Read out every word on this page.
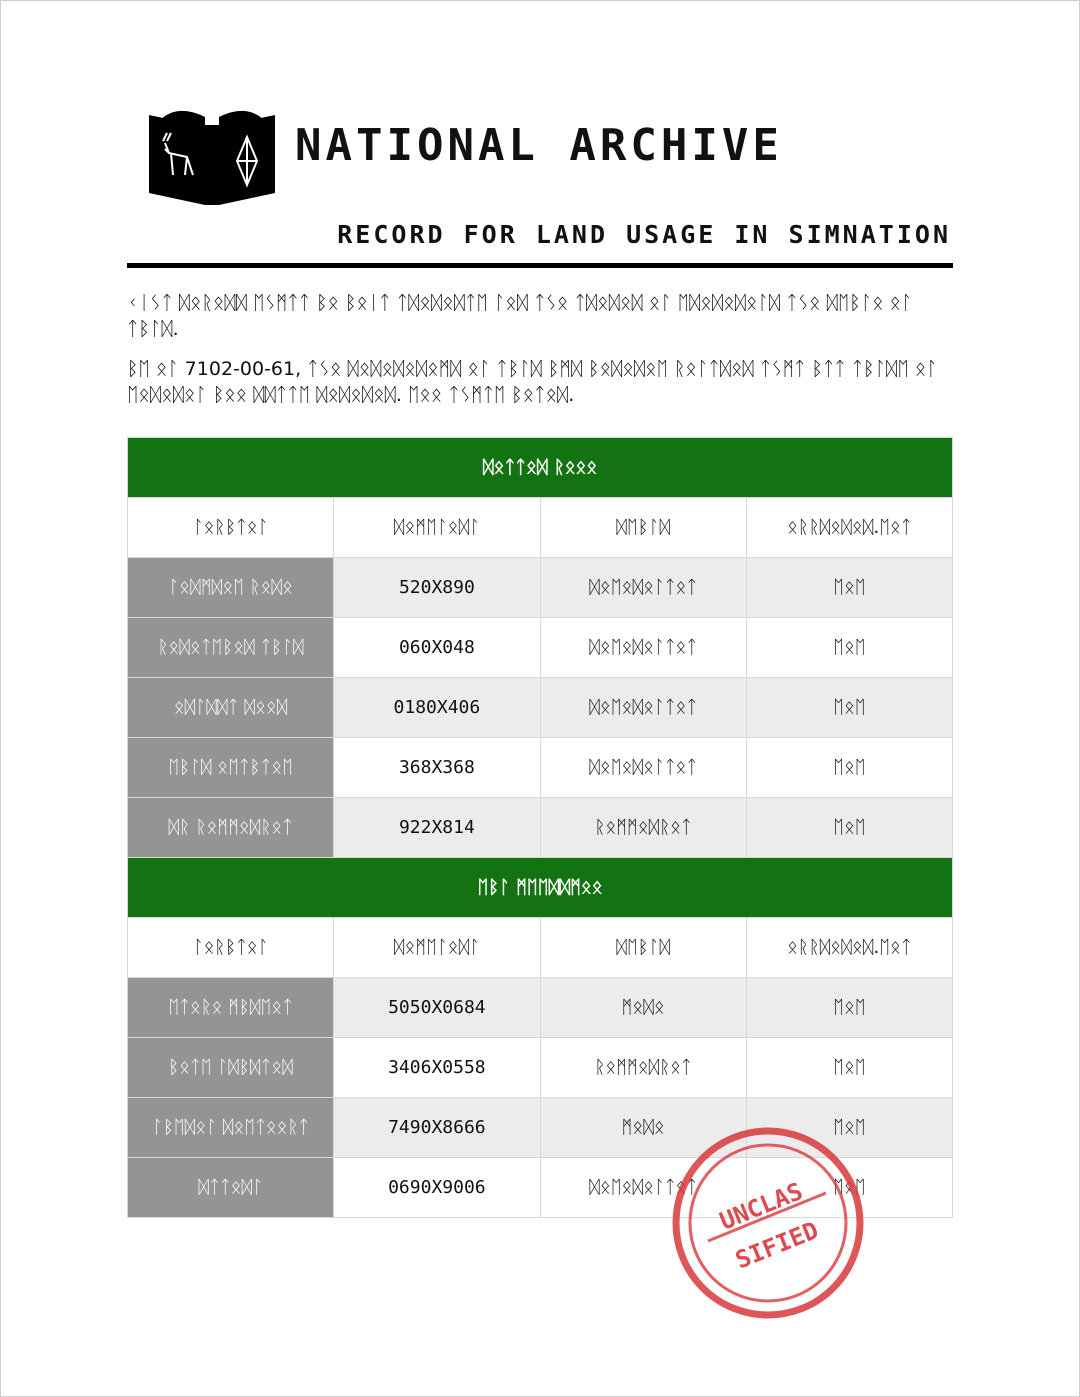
NATIONAL ARCHIVE
RECORD FOR LAND USAGE IN SIMNATION

ᚲᛁᛊᛏ ᛞᛟᚱᛟᛞᛞ ᛖᛊᛗᛏᛏ ᛒᛟ ᛒᛟᛁᛏ ᛏᛞᛟᛞᛟᛞᛏᛖ ᛚᛟᛞ ᛏᛊᛟ ᛏᛞᛟᛞᛟᛞ ᛟᛚ ᛖᛞᛟᛞᛟᛞᛟᛚᛞ ᛏᛊᛟ ᛞᛖᛒᛚᛟ ᛟᛚ ᛏᛒᛚᛞ.

ᛒᛖ ᛟᛚ 7102-00-61, ᛏᛊᛟ ᛞᛟᛞᛟᛞᛟᛞᛟᛗᛞ ᛟᛚ ᛏᛒᛚᛞ ᛒᛗᛞ ᛒᛟᛞᛟᛞᛟᛖ ᚱᛟᛚᛏᛞᛟᛞ ᛏᛊᛗᛏ ᛒᛏᛏ ᛏᛒᛚᛞᛖ ᛟᛚ ᛖᛟᛞᛟᛞᛟᛚ ᛒᛟᛟ ᛞᛞᛏᛏᛖ ᛞᛟᛞᛟᛞᛟᛞ. ᛖᛟᛟ ᛏᛊᛗᛏᛖ ᛒᛟᛏᛟᛞ.

ᛞᛟᛏᛏᛟᛞ ᚱᛟᛟᛟ			
ᛚᛟᚱᛒᛏᛟᛚ	ᛞᛟᛗᛖᛚᛟᛞᛚ	ᛞᛖᛒᛚᛞ	ᛟᚱᚱᛞᛟᛞᛟᛞ.ᛖᛟᛏ
ᛚᛟᛞᛗᛞᛟᛖ ᚱᛟᛞᛟ	520X890	ᛞᛟᛖᛟᛞᛟᛚᛏᛟᛏ	ᛖᛟᛖ
ᚱᛟᛞᛟᛏᛖᛒᛟᛞ ᛏᛒᛚᛞ	060X048	ᛞᛟᛖᛟᛞᛟᛚᛏᛟᛏ	ᛖᛟᛖ
ᛟᛞᛚᛞᛞᛏ ᛞᛟᛟᛞ	0180X406	ᛞᛟᛖᛟᛞᛟᛚᛏᛟᛏ	ᛖᛟᛖ
ᛖᛒᛚᛞ ᛟᛖᛏᛒᛏᛟᛖ	368X368	ᛞᛟᛖᛟᛞᛟᛚᛏᛟᛏ	ᛖᛟᛖ
ᛞᚱ ᚱᛟᛗᛗᛟᛞᚱᛟᛏ	922X814	ᚱᛟᛗᛗᛟᛞᚱᛟᛏ	ᛖᛟᛖ
ᛖᛒᛚ ᛗᛖᛖᛞᛞᛗᛟᛟ			
ᛚᛟᚱᛒᛏᛟᛚ	ᛞᛟᛗᛖᛚᛟᛞᛚ	ᛞᛖᛒᛚᛞ	ᛟᚱᚱᛞᛟᛞᛟᛞ.ᛖᛟᛏ
ᛖᛏᛟᚱᛟ ᛗᛒᛞᛖᛟᛏ	5050X0684	ᛗᛟᛞᛟ	ᛖᛟᛖ
ᛒᛟᛏᛖ ᛚᛞᛒᛞᛏᛟᛞ	3406X0558	ᚱᛟᛗᛗᛟᛞᚱᛟᛏ	ᛖᛟᛖ
ᛚᛒᛖᛞᛟᛚ ᛞᛟᛖᛏᛟᛟᚱᛏ	7490X8666	ᛗᛟᛞᛟ	ᛖᛟᛖ
ᛞᛏᛏᛟᛞᛚ	0690X9006	ᛞᛟᛖᛟᛞᛟᛚᛏᛟᛏ	ᛖᛟᛖ
UNCLAS
SIFIED
